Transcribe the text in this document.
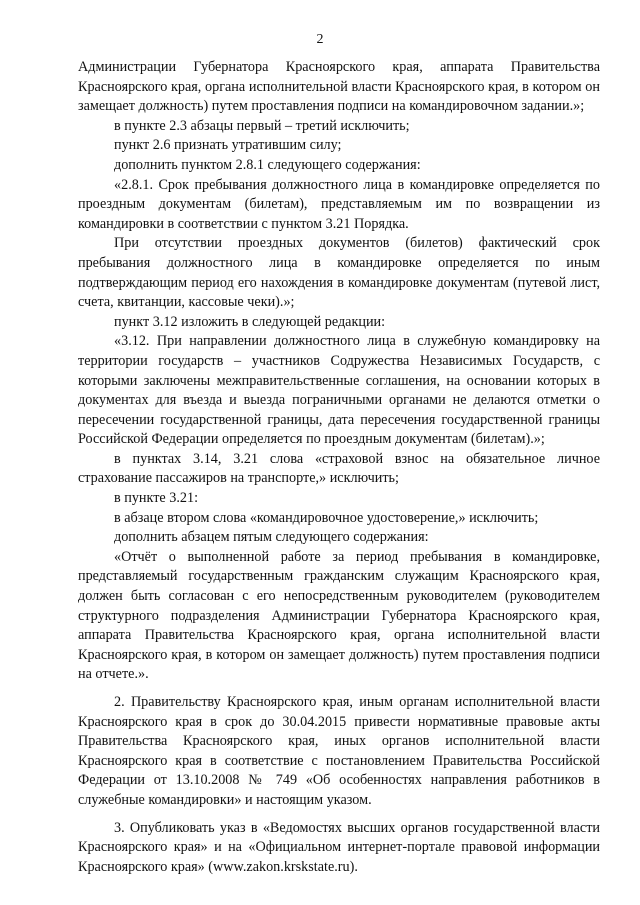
2

Администрации Губернатора Красноярского края, аппарата Правительства Красноярского края, органа исполнительной власти Красноярского края, в котором он замещает должность) путем проставления подписи на командировочном задании.»;

в пункте 2.3 абзацы первый – третий исключить;

пункт 2.6 признать утратившим силу;

дополнить пунктом 2.8.1 следующего содержания:

«2.8.1. Срок пребывания должностного лица в командировке определяется по проездным документам (билетам), представляемым им по возвращении из командировки в соответствии с пунктом 3.21 Порядка.

При отсутствии проездных документов (билетов) фактический срок пребывания должностного лица в командировке определяется по иным подтверждающим период его нахождения в командировке документам (путевой лист, счета, квитанции, кассовые чеки).»;

пункт 3.12 изложить в следующей редакции:

«3.12. При направлении должностного лица в служебную командировку на территории государств – участников Содружества Независимых Государств, с которыми заключены межправительственные соглашения, на основании которых в документах для въезда и выезда пограничными органами не делаются отметки о пересечении государственной границы, дата пересечения государственной границы Российской Федерации определяется по проездным документам (билетам).»;

в пунктах 3.14, 3.21 слова «страховой взнос на обязательное личное страхование пассажиров на транспорте,» исключить;

в пункте 3.21:

в абзаце втором слова «командировочное удостоверение,» исключить;

дополнить абзацем пятым следующего содержания:

«Отчёт о выполненной работе за период пребывания в командировке, представляемый государственным гражданским служащим Красноярского края, должен быть согласован с его непосредственным руководителем (руководителем структурного подразделения Администрации Губернатора Красноярского края, аппарата Правительства Красноярского края, органа исполнительной власти Красноярского края, в котором он замещает должность) путем проставления подписи на отчете.».

2. Правительству Красноярского края, иным органам исполнительной власти Красноярского края в срок до 30.04.2015 привести нормативные правовые акты Правительства Красноярского края, иных органов исполнительной власти Красноярского края в соответствие с постановлением Правительства Российской Федерации от 13.10.2008 № 749 «Об особенностях направления работников в служебные командировки» и настоящим указом.

3. Опубликовать указ в «Ведомостях высших органов государственной власти Красноярского края» и на «Официальном интернет-портале правовой информации Красноярского края» (www.zakon.krskstate.ru).
